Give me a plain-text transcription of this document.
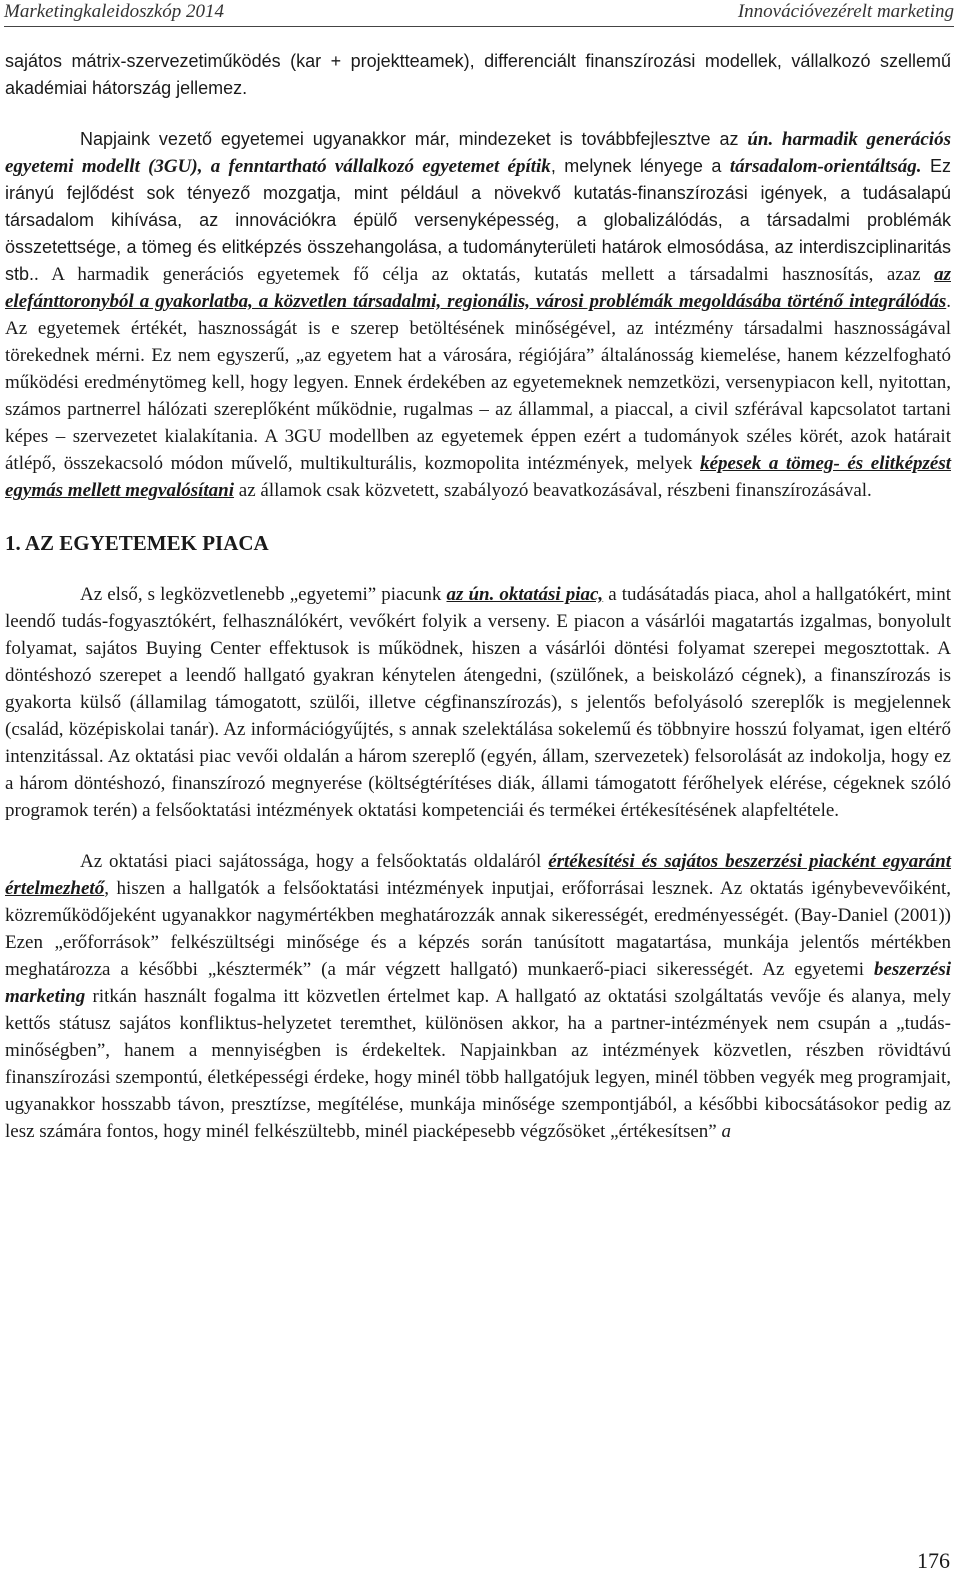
Marketingkaleidoszkóp 2014	Innovációvezérelt marketing

sajátos mátrix-szervezetiműködés (kar + projektteamek), differenciált finanszírozási modellek, vállalkozó szellemű akadémiai hátország jellemez.

Napjaink vezető egyetemei ugyanakkor már, mindezeket is továbbfejlesztve az ún. harmadik generációs egyetemi modellt (3GU), a fenntartható vállalkozó egyetemet építik, melynek lényege a társadalom-orientáltság. Ez irányú fejlődést sok tényező mozgatja, mint például a növekvő kutatás-finanszírozási igények, a tudásalapú társadalom kihívása, az innovációkra épülő versenyképesség, a globalizálódás, a társadalmi problémák összetettsége, a tömeg és elitképzés összehangolása, a tudományterületi határok elmosódása, az interdiszciplinaritás stb.. A harmadik generációs egyetemek fő célja az oktatás, kutatás mellett a társadalmi hasznosítás, azaz az elefánttoronyból a gyakorlatba, a közvetlen társadalmi, regionális, városi problémák megoldásába történő integrálódás. Az egyetemek értékét, hasznosságát is e szerep betöltésének minőségével, az intézmény társadalmi hasznosságával törekednek mérni. Ez nem egyszerű, „az egyetem hat a városára, régiójára” általánosság kiemelése, hanem kézzelfogható működési eredménytömeg kell, hogy legyen. Ennek érdekében az egyetemeknek nemzetközi, versenypiacon kell, nyitottan, számos partnerrel hálózati szereplőként működnie, rugalmas – az állammal, a piaccal, a civil szférával kapcsolatot tartani képes – szervezetet kialakítania. A 3GU modellben az egyetemek éppen ezért a tudományok széles körét, azok határait átlépő, összekacsoló módon művelő, multikulturális, kozmopolita intézmények, melyek képesek a tömeg- és elitképzést egymás mellett megvalósítani az államok csak közvetett, szabályozó beavatkozásával, részbeni finanszírozásával.

1. AZ EGYETEMEK PIACA

Az első, s legközvetlenebb „egyetemi” piacunk az ún. oktatási piac, a tudásátadás piaca, ahol a hallgatókért, mint leendő tudás-fogyasztókért, felhasználókért, vevőkért folyik a verseny. E piacon a vásárlói magatartás izgalmas, bonyolult folyamat, sajátos Buying Center effektusok is működnek, hiszen a vásárlói döntési folyamat szerepei megosztottak. A döntéshozó szerepet a leendő hallgató gyakran kénytelen átengedni, (szülőnek, a beiskolázó cégnek), a finanszírozás is gyakorta külső (államilag támogatott, szülői, illetve cégfinanszírozás), s jelentős befolyásoló szereplők is megjelennek (család, középiskolai tanár). Az információgyűjtés, s annak szelektálása sokelemű és többnyire hosszú folyamat, igen eltérő intenzitással. Az oktatási piac vevői oldalán a három szereplő (egyén, állam, szervezetek) felsorolását az indokolja, hogy ez a három döntéshozó, finanszírozó megnyerése (költségtérítéses diák, állami támogatott férőhelyek elérése, cégeknek szóló programok terén) a felsőoktatási intézmények oktatási kompetenciái és termékei értékesítésének alapfeltétele.

Az oktatási piaci sajátossága, hogy a felsőoktatás oldaláról értékesítési és sajátos beszerzési piacként egyaránt értelmezhető, hiszen a hallgatók a felsőoktatási intézmények inputjai, erőforrásai lesznek. Az oktatás igénybevevőiként, közreműködőjeként ugyanakkor nagymértékben meghatározzák annak sikerességét, eredményességét. (Bay-Daniel (2001)) Ezen „erőforrások” felkészültségi minősége és a képzés során tanúsított magatartása, munkája jelentős mértékben meghatározza a későbbi „késztermék” (a már végzett hallgató) munkaerő-piaci sikerességét. Az egyetemi beszerzési marketing ritkán használt fogalma itt közvetlen értelmet kap. A hallgató az oktatási szolgáltatás vevője és alanya, mely kettős státusz sajátos konfliktus-helyzetet teremthet, különösen akkor, ha a partner-intézmények nem csupán a „tudás-minőségben”, hanem a mennyiségben is érdekeltek. Napjainkban az intézmények közvetlen, részben rövidtávú finanszírozási szempontú, életképességi érdeke, hogy minél több hallgatójuk legyen, minél többen vegyék meg programjait, ugyanakkor hosszabb távon, presztízse, megítélése, munkája minősége szempontjából, a későbbi kibocsátásokor pedig az lesz számára fontos, hogy minél felkészültebb, minél piacképesebb végzősöket „értékesítsen” a

176
